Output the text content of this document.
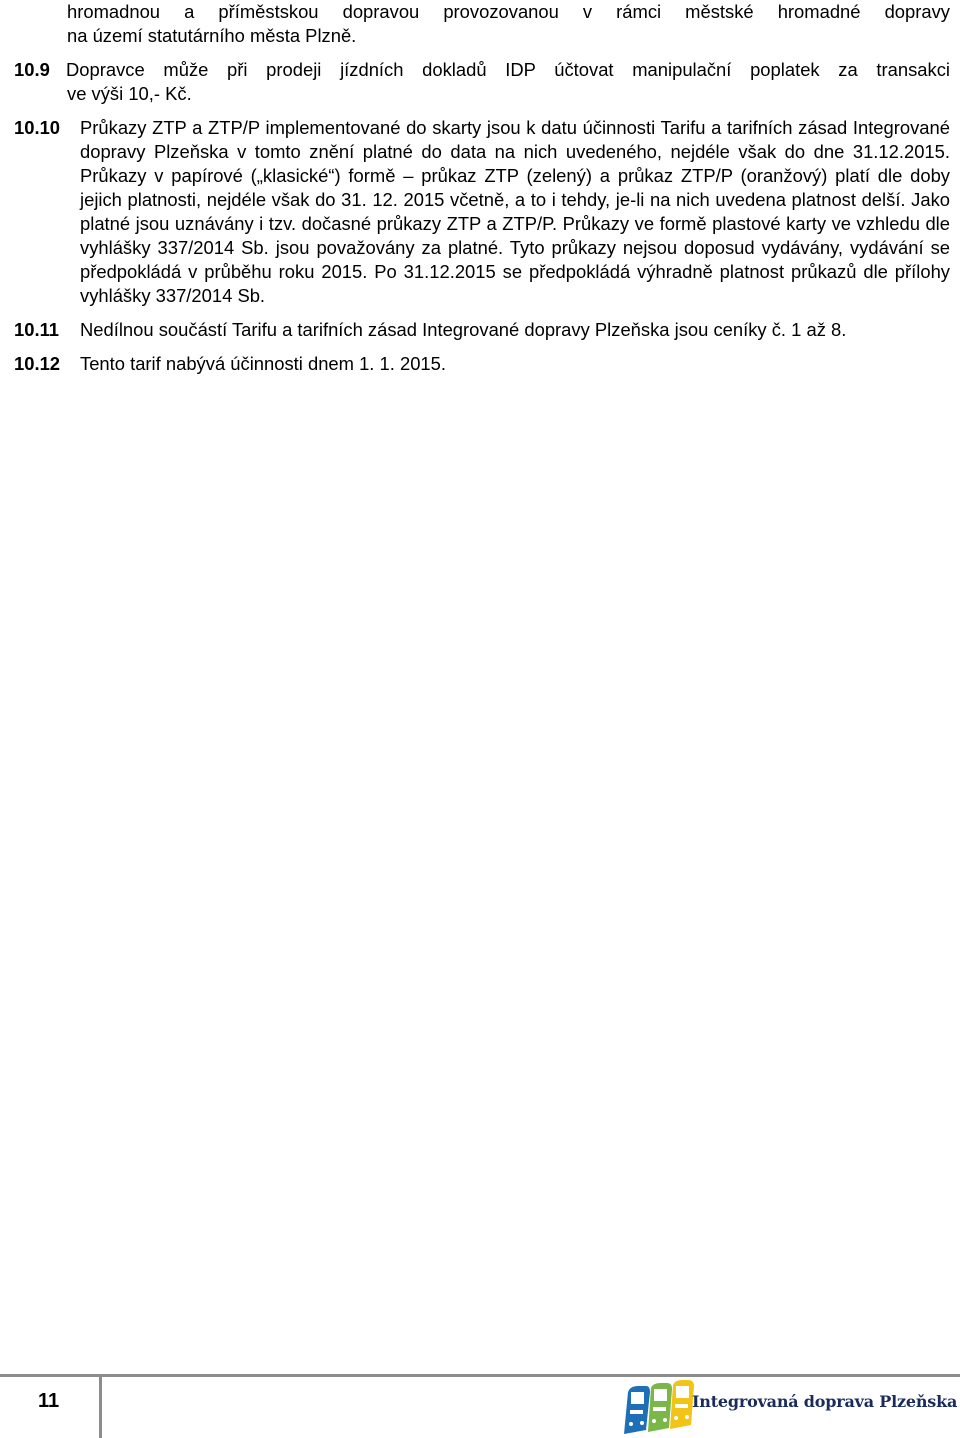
hromadnou a příměstskou dopravou provozovanou v rámci městské hromadné dopravy
na území statutárního města Plzně.
10.9 Dopravce může při prodeji jízdních dokladů IDP účtovat manipulační poplatek za transakci
ve výši 10,- Kč.
10.10	Průkazy ZTP a ZTP/P implementované do skarty jsou k datu účinnosti Tarifu a tarifních zásad Integrované dopravy Plzeňska v tomto znění platné do data na nich uvedeného, nejdéle však do dne 31.12.2015. Průkazy v papírové („klasické“) formě – průkaz ZTP (zelený) a průkaz ZTP/P (oranžový) platí dle doby jejich platnosti, nejdéle však do 31. 12. 2015 včetně, a to i tehdy, je-li na nich uvedena platnost delší. Jako platné jsou uznávány i tzv. dočasné průkazy ZTP a ZTP/P. Průkazy ve formě plastové karty ve vzhledu dle vyhlášky 337/2014 Sb. jsou považovány za platné. Tyto průkazy nejsou doposud vydávány, vydávání se předpokládá v průběhu roku 2015. Po 31.12.2015 se předpokládá výhradně platnost průkazů dle přílohy vyhlášky 337/2014 Sb.
10.11	Nedílnou součástí Tarifu a tarifních zásad Integrované dopravy Plzeňska jsou ceníky č. 1 až 8.
10.12	Tento tarif nabývá účinnosti dnem 1. 1. 2015.
11	Integrovaná doprava Plzeňska
